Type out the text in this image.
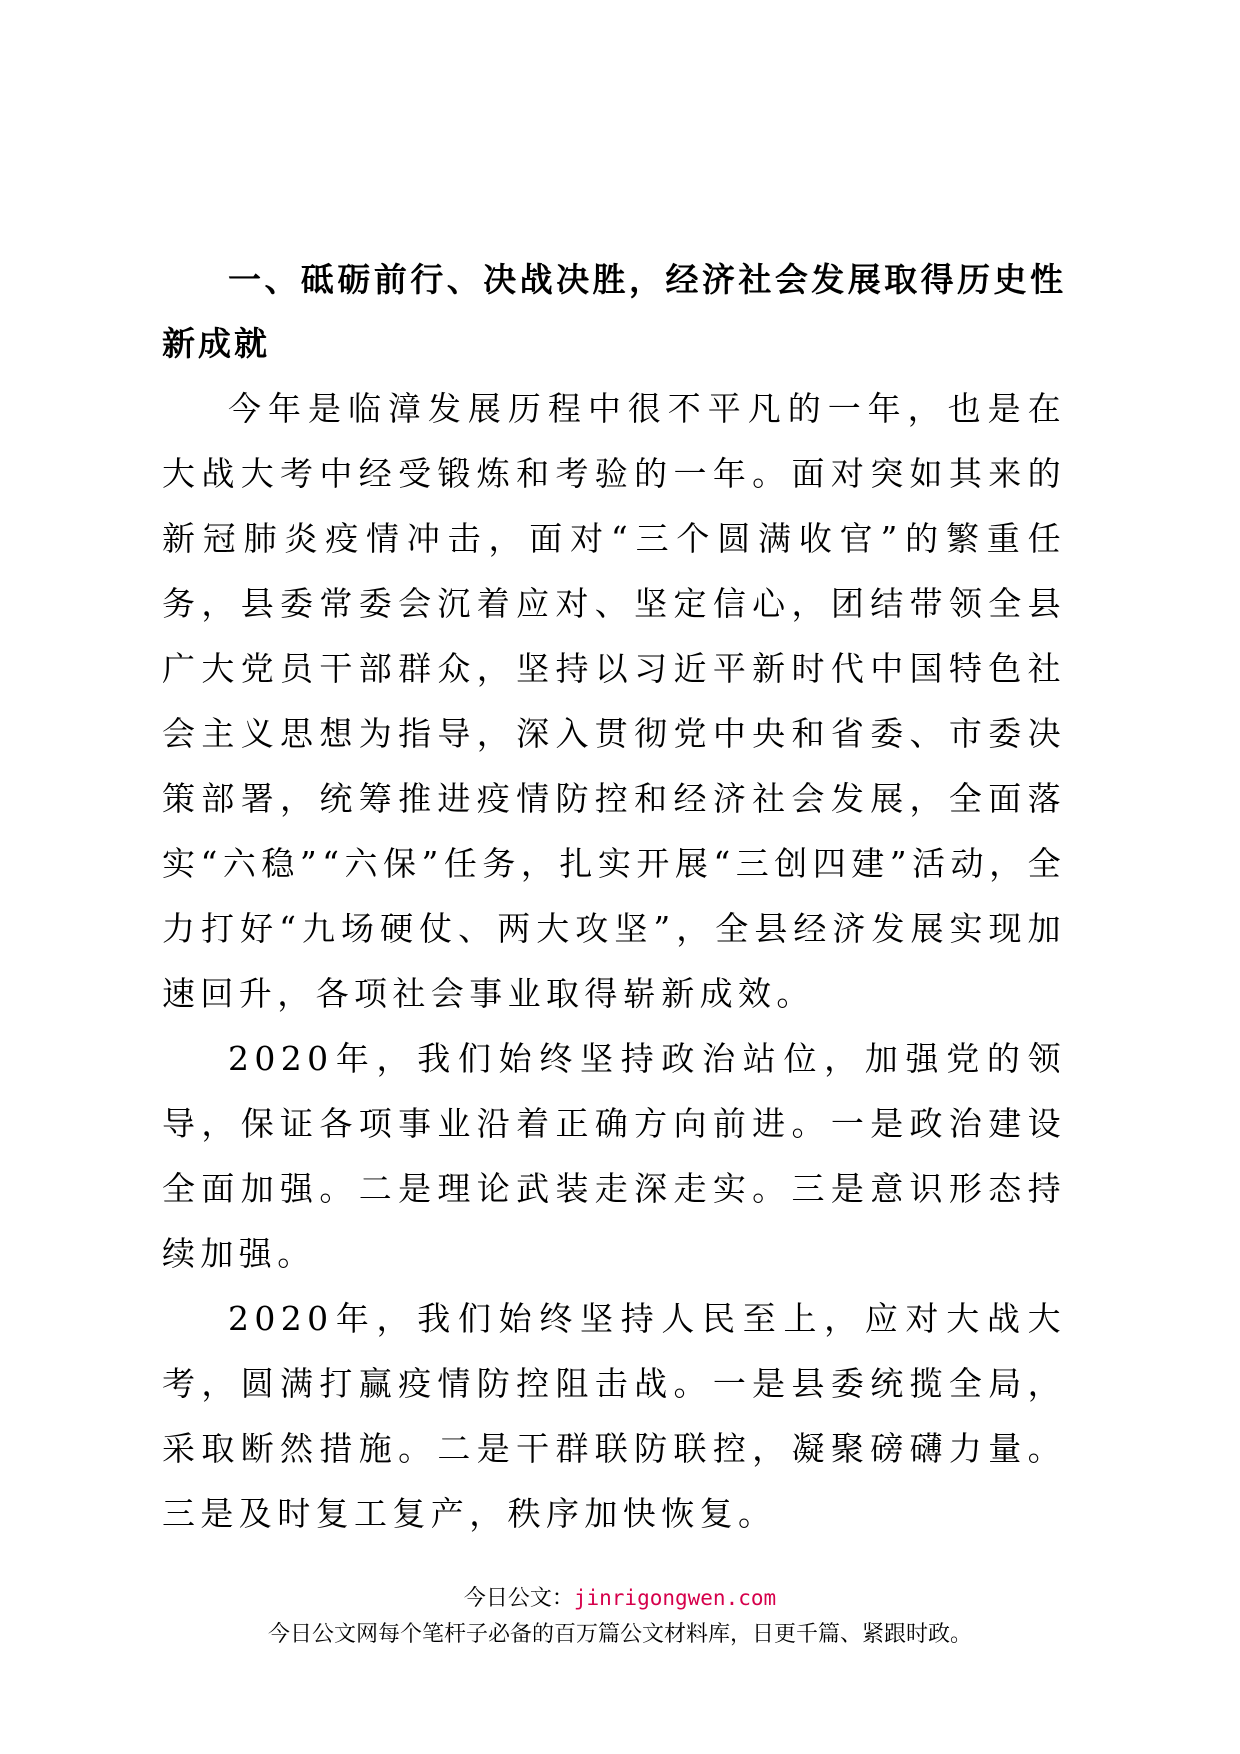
一、砥砺前行、决战决胜，经济社会发展取得历史性新成就

今年是临漳发展历程中很不平凡的一年，也是在大战大考中经受锻炼和考验的一年。面对突如其来的新冠肺炎疫情冲击，面对“三个圆满收官”的繁重任务，县委常委会沉着应对、坚定信心，团结带领全县广大党员干部群众，坚持以习近平新时代中国特色社会主义思想为指导，深入贯彻党中央和省委、市委决策部署，统筹推进疫情防控和经济社会发展，全面落实“六稳”“六保”任务，扎实开展“三创四建”活动，全力打好“九场硬仗、两大攻坚”，全县经济发展实现加速回升，各项社会事业取得崭新成效。

2020年，我们始终坚持政治站位，加强党的领导，保证各项事业沿着正确方向前进。一是政治建设全面加强。二是理论武装走深走实。三是意识形态持续加强。

2020年，我们始终坚持人民至上，应对大战大考，圆满打赢疫情防控阻击战。一是县委统揽全局，采取断然措施。二是干群联防联控，凝聚磅礴力量。三是及时复工复产，秩序加快恢复。

今日公文：jinrigongwen.com
今日公文网每个笔杆子必备的百万篇公文材料库，日更千篇、紧跟时政。
